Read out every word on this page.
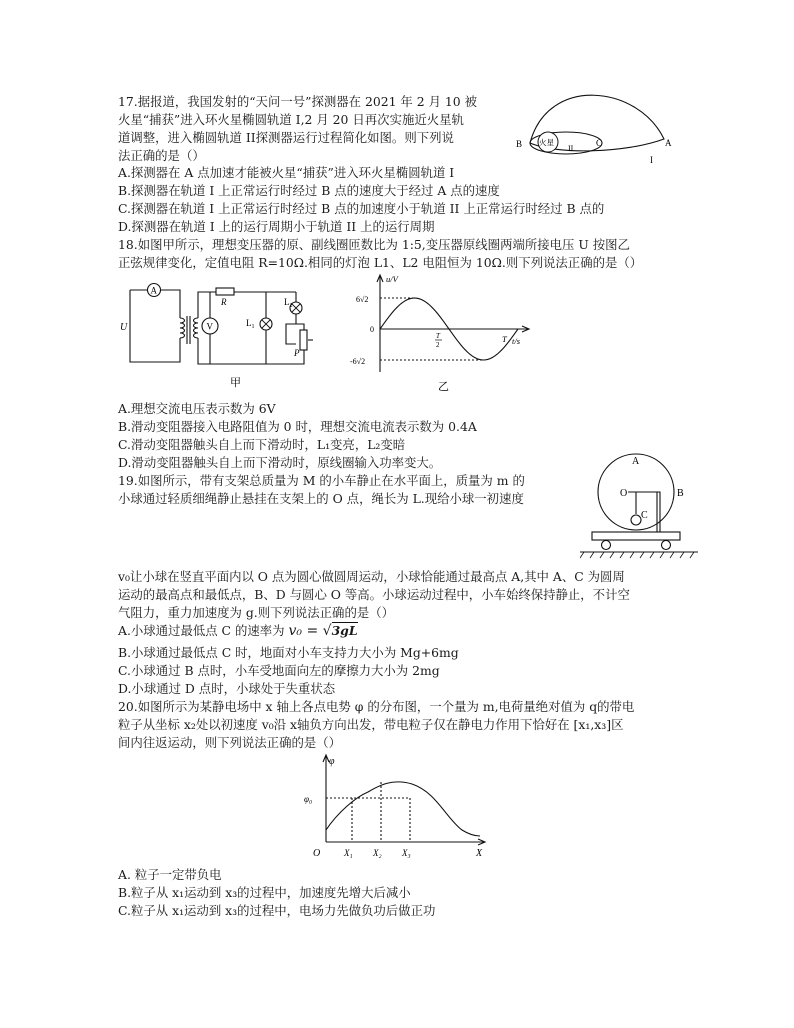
17.据报道，我国发射的“天问一号”探测器在 2021 年 2 月 10 被
火星“捕获”进入环火星椭圆轨道 I,2 月 20 日再次实施近火星轨
道调整，进入椭圆轨道 II探测器运行过程简化如图。则下列说
法正确的是（）
A.探测器在 A 点加速才能被火星“捕获”进入环火星椭圆轨道 I
B.探测器在轨道 I 上正常运行时经过 B 点的速度大于经过 A 点的速度
C.探测器在轨道 I 上正常运行时经过 B 点的加速度小于轨道 II 上正常运行时经过 B 点的
D.探测器在轨道 I 上的运行周期小于轨道 II 上的运行周期
B 火星
II
C	A
I
18.如图甲所示，理想变压器的原、副线圈匝数比为 1:5,变压器原线圈两端所接电压 U 按图乙
正弦规律变化，定值电阻 R=10Ω.相同的灯泡 L1、L2 电阻恒为 10Ω.则下列说法正确的是（）
A
V
U
R
$L_1$
$L_2$
P
甲
u/V
t/s
6√2
0
-6√2
T
2
T
乙
A.理想交流电压表示数为 6V
B.滑动变阻器接入电路阻值为 0 时，理想交流电流表示数为 0.4A
C.滑动变阻器触头自上而下滑动时，L₁变亮，L₂变暗
D.滑动变阻器触头自上而下滑动时，原线圈输入功率变大。
19.如图所示，带有支架总质量为 M 的小车静止在水平面上，质量为 m 的
小球通过轻质细绳静止悬挂在支架上的 O 点，绳长为 L.现给小球一初速度
A
O	B
C
v₀让小球在竖直平面内以 O 点为圆心做圆周运动，小球恰能通过最高点 A,其中 A、C 为圆周
运动的最高点和最低点，B、D 与圆心 O 等高。小球运动过程中，小车始终保持静止，不计空
气阻力，重力加速度为 g.则下列说法正确的是（）
A.小球通过最低点 C 的速率为 v₀ = √3gL
B.小球通过最低点 C 时，地面对小车支持力大小为 Mg+6mg
C.小球通过 B 点时，小车受地面向左的摩擦力大小为 2mg
D.小球通过 D 点时，小球处于失重状态
20.如图所示为某静电场中 x 轴上各点电势 φ 的分布图，一个量为 m,电荷量绝对值为 q的带电
粒子从坐标 x₂处以初速度 v₀沿 x轴负方向出发，带电粒子仅在静电力作用下恰好在 [x₁,x₃]区
间内往返运动，则下列说法正确的是（）
φ
φ₀
O	X₁ X₂ X₃	X
A. 粒子一定带负电
B.粒子从 x₁运动到 x₃的过程中，加速度先增大后减小
C.粒子从 x₁运动到 x₃的过程中，电场力先做负功后做正功
